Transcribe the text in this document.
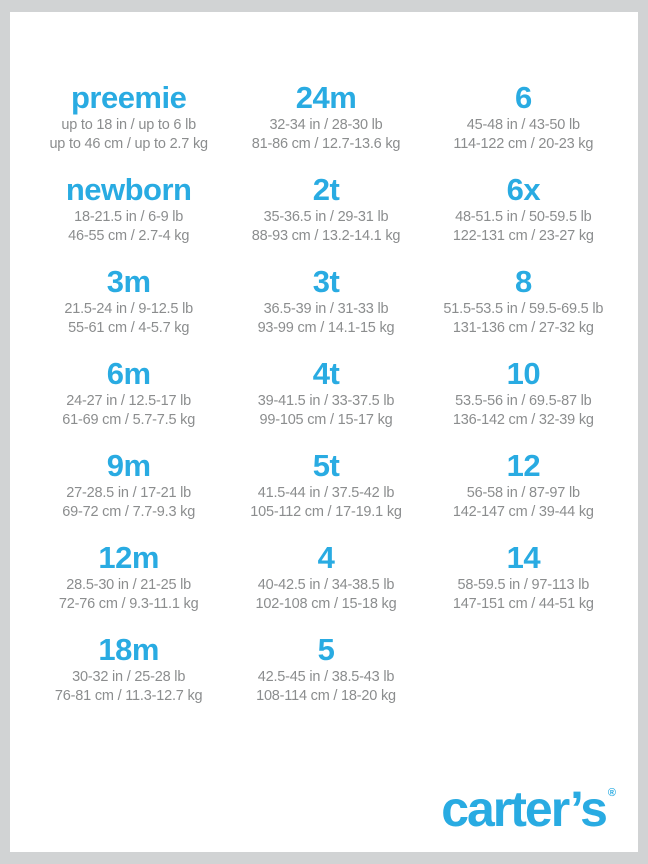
preemie
up to 18 in / up to 6 lb
up to 46 cm / up to 2.7 kg
newborn
18-21.5 in / 6-9 lb
46-55 cm / 2.7-4 kg
3m
21.5-24 in / 9-12.5 lb
55-61 cm / 4-5.7 kg
6m
24-27 in / 12.5-17 lb
61-69 cm / 5.7-7.5 kg
9m
27-28.5 in / 17-21 lb
69-72 cm / 7.7-9.3 kg
12m
28.5-30 in / 21-25 lb
72-76 cm / 9.3-11.1 kg
18m
30-32 in / 25-28 lb
76-81 cm / 11.3-12.7 kg
24m
32-34 in / 28-30 lb
81-86 cm / 12.7-13.6 kg
2t
35-36.5 in / 29-31 lb
88-93 cm / 13.2-14.1 kg
3t
36.5-39 in / 31-33 lb
93-99 cm / 14.1-15 kg
4t
39-41.5 in / 33-37.5 lb
99-105 cm / 15-17 kg
5t
41.5-44 in / 37.5-42 lb
105-112 cm / 17-19.1 kg
4
40-42.5 in / 34-38.5 lb
102-108 cm / 15-18 kg
5
42.5-45 in / 38.5-43 lb
108-114 cm / 18-20 kg
6
45-48 in / 43-50 lb
114-122 cm / 20-23 kg
6x
48-51.5 in / 50-59.5 lb
122-131 cm / 23-27 kg
8
51.5-53.5 in / 59.5-69.5 lb
131-136 cm / 27-32 kg
10
53.5-56 in / 69.5-87 lb
136-142 cm / 32-39 kg
12
56-58 in / 87-97 lb
142-147 cm / 39-44 kg
14
58-59.5 in / 97-113 lb
147-151 cm / 44-51 kg
carter’s ®
